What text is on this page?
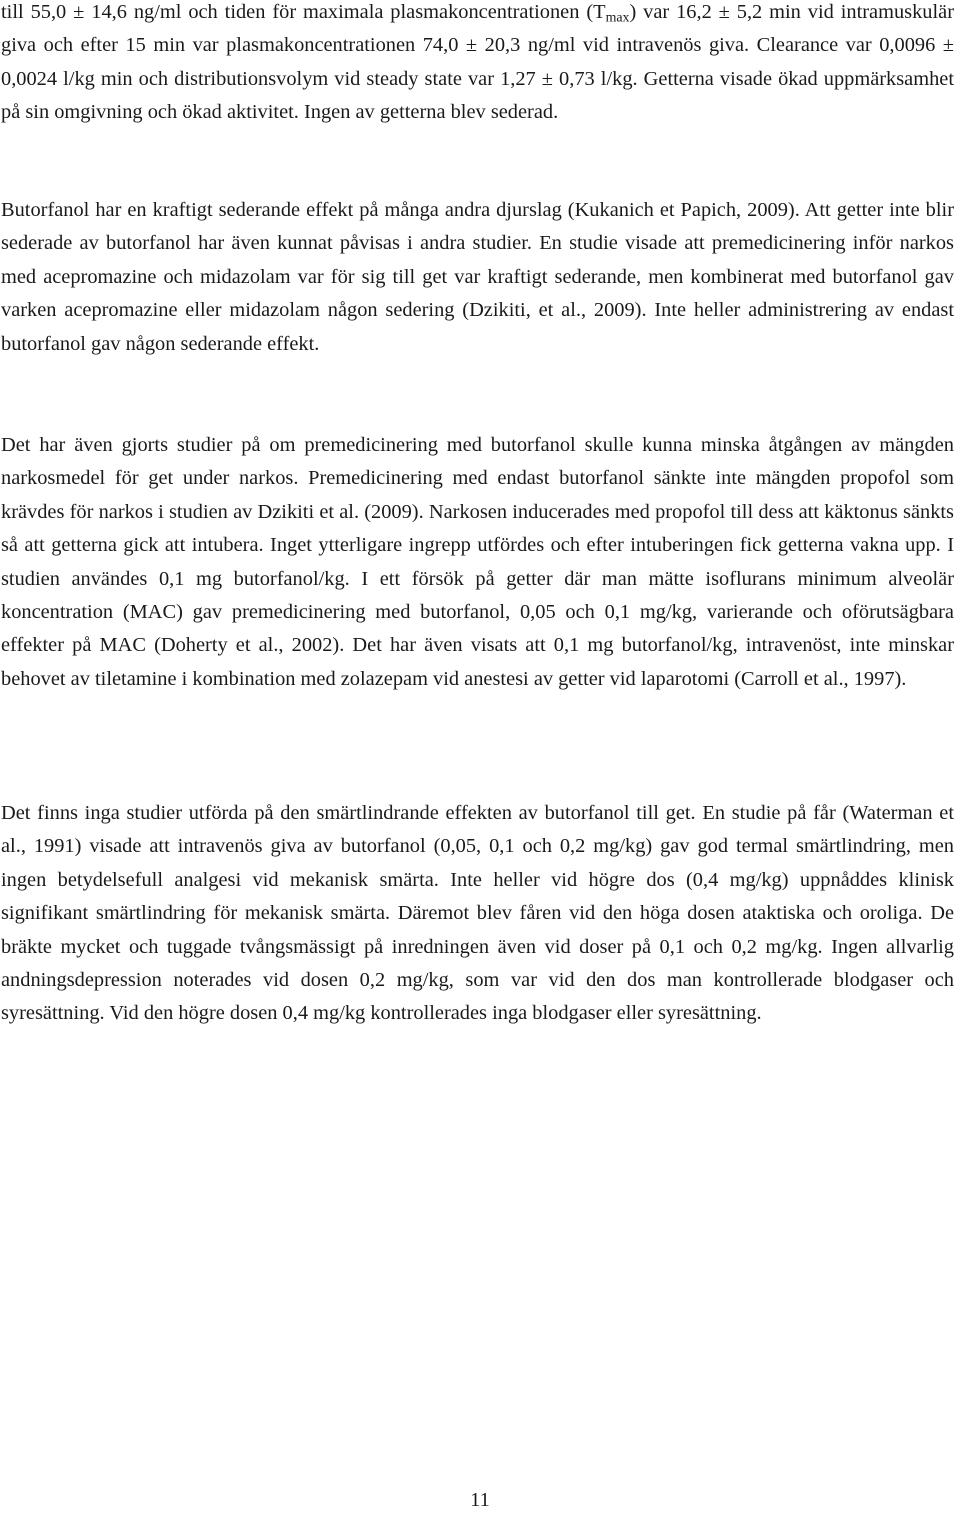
till 55,0 ± 14,6 ng/ml och tiden för maximala plasmakoncentrationen $(T_{max})$ var 16,2 ± 5,2 min vid intramuskulär giva och efter 15 min var plasmakoncentrationen 74,0 ± 20,3 ng/ml vid intravenös giva. Clearance var 0,0096 ± 0,0024 l/kg min och distributionsvolym vid steady state var 1,27 ± 0,73 l/kg. Getterna visade ökad uppmärksamhet på sin omgivning och ökad aktivitet. Ingen av getterna blev sederad.

Butorfanol har en kraftigt sederande effekt på många andra djurslag (Kukanich et Papich, 2009). Att getter inte blir sederade av butorfanol har även kunnat påvisas i andra studier. En studie visade att premedicinering inför narkos med acepromazine och midazolam var för sig till get var kraftigt sederande, men kombinerat med butorfanol gav varken acepromazine eller midazolam någon sedering (Dzikiti, et al., 2009). Inte heller administrering av endast butorfanol gav någon sederande effekt.

Det har även gjorts studier på om premedicinering med butorfanol skulle kunna minska åtgången av mängden narkosmedel för get under narkos. Premedicinering med endast butorfanol sänkte inte mängden propofol som krävdes för narkos i studien av Dzikiti et al. (2009). Narkosen inducerades med propofol till dess att käktonus sänkts så att getterna gick att intubera. Inget ytterligare ingrepp utfördes och efter intuberingen fick getterna vakna upp. I studien användes 0,1 mg butorfanol/kg. I ett försök på getter där man mätte isoflurans minimum alveolär koncentration (MAC) gav premedicinering med butorfanol, 0,05 och 0,1 mg/kg, varierande och oförutsägbara effekter på MAC (Doherty et al., 2002). Det har även visats att 0,1 mg butorfanol/kg, intravenöst, inte minskar behovet av tiletamine i kombination med zolazepam vid anestesi av getter vid laparotomi (Carroll et al., 1997).

Det finns inga studier utförda på den smärtlindrande effekten av butorfanol till get. En studie på får (Waterman et al., 1991) visade att intravenös giva av butorfanol (0,05, 0,1 och 0,2 mg/kg) gav god termal smärtlindring, men ingen betydelsefull analgesi vid mekanisk smärta. Inte heller vid högre dos (0,4 mg/kg) uppnåddes klinisk signifikant smärtlindring för mekanisk smärta. Däremot blev fåren vid den höga dosen ataktiska och oroliga. De bräkte mycket och tuggade tvångsmässigt på inredningen även vid doser på 0,1 och 0,2 mg/kg. Ingen allvarlig andningsdepression noterades vid dosen 0,2 mg/kg, som var vid den dos man kontrollerade blodgaser och syresättning. Vid den högre dosen 0,4 mg/kg kontrollerades inga blodgaser eller syresättning.

11
